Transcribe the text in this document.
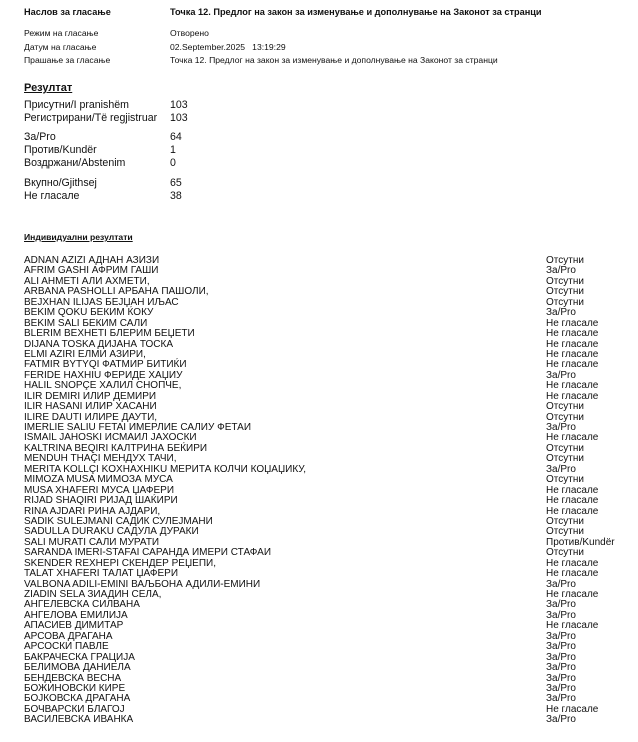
Наслов за гласање	Точка 12. Предлог на закон за изменување и дополнување на Законот за странци
Режим на гласање	Отворено
Датум на гласање	02.September.2025   13:19:29
Прашање за гласање	Точка 12. Предлог на закон за изменување и дополнување на Законот за странци
Резултат
Присутни/I pranishëm	103
Регистрирани/Të regjistruar 103
За/Pro	64
Против/Kundër	1
Воздржани/Abstenim	0
Вкупно/Gjithsej	65
Не гласале	38
Индивидуални резултати
ADNAN AZIZI АДНАН АЗИЗИ	Отсутни
AFRIM GASHI АФРИМ ГАШИ	За/Pro
ALI AHMETI АЛИ АХМЕТИ,	Отсутни
ARBANA PASHOLLI АРБАНА ПАШОЛИ,	Отсутни
BEJXHAN ILIJAS БЕЈЏАН ИЉАС	Отсутни
BEKIM QOKU БЕКИМ ЌОКУ	За/Pro
BEKIM SALI БЕКИМ САЛИ	Не гласале
BLERIM BEXHETI БЛЕРИМ БЕЏЕТИ	Не гласале
DIJANA TOSKA ДИЈАНА ТОСКА	Не гласале
ELMI AZIRI ЕЛМИ АЗИРИ,	Не гласале
FATMIR BYTYQI ФАТМИР БИТИЌИ	Не гласале
FERIDE HAXHIU ФЕРИДЕ ХАЏИУ	За/Pro
HALIL SNOPÇE ХАЛИЛ СНОПЧЕ,	Не гласале
ILIR DEMIRI ИЛИР ДЕМИРИ	Не гласале
ILIR HASANI ИЛИР ХАСАНИ	Отсутни
ILIRE DAUTI ИЛИРЕ ДАУТИ,	Отсутни
IMERLIE SALIU FETAI ИМЕРЛИЕ САЛИУ ФЕТАИ	За/Pro
ISMAIL JAHOSKI ИСМАИЛ ЈАХОСКИ	Не гласале
KALTRINA BEQIRI КАЛТРИНА БЕЌИРИ	Отсутни
MENDUH THAÇI МЕНДУХ ТАЧИ,	Отсутни
MERITA KOLLÇI KOXHAXHIKU МЕРИТА КОЛЧИ КОЏАЏИКУ,	За/Pro
MIMOZA MUSA МИМОЗА МУСА	Отсутни
MUSA XHAFERI МУСА ЏАФЕРИ	Не гласале
RIJAD SHAQIRI РИЈАД ШАЌИРИ	Не гласале
RINA AJDARI РИНА АЈДАРИ,	Не гласале
SADIK SULEJMANI САДИК СУЛЕЈМАНИ	Отсутни
SADULLA DURAKU САДУЛА ДУРАКИ	Отсутни
SALI MURATI САЛИ МУРАТИ	Против/Kundër
SARANDA IMERI-STAFAI САРАНДА ИМЕРИ СТАФАИ	Отсутни
SKENDER REXHEPI СКЕНДЕР РЕЏЕПИ,	Не гласале
TALAT XHAFERI ТАЛАТ ЏАФЕРИ	Не гласале
VALBONA ADILI-EMINI ВАЉБОНА АДИЛИ-ЕМИНИ	За/Pro
ZIADIN SELA ЗИАДИН СЕЛА,	Не гласале
АНГЕЛЕВСКА СИЛВАНА	За/Pro
АНГЕЛОВА ЕМИЛИЈА	За/Pro
АПАСИЕВ ДИМИТАР	Не гласале
АРСОВА ДРАГАНА	За/Pro
АРСОСКИ ПАВЛЕ	За/Pro
БАКРАЧЕСКА ГРАЦИЈА	За/Pro
БЕЛИМОВА ДАНИЕЛА	За/Pro
БЕНДЕВСКА ВЕСНА	За/Pro
БОЖИНОВСКИ КИРЕ	За/Pro
БОЈКОВСКА ДРАГАНА	За/Pro
БОЧВАРСКИ БЛАГОЈ	Не гласале
ВАСИЛЕВСКА ИВАНКА	За/Pro
